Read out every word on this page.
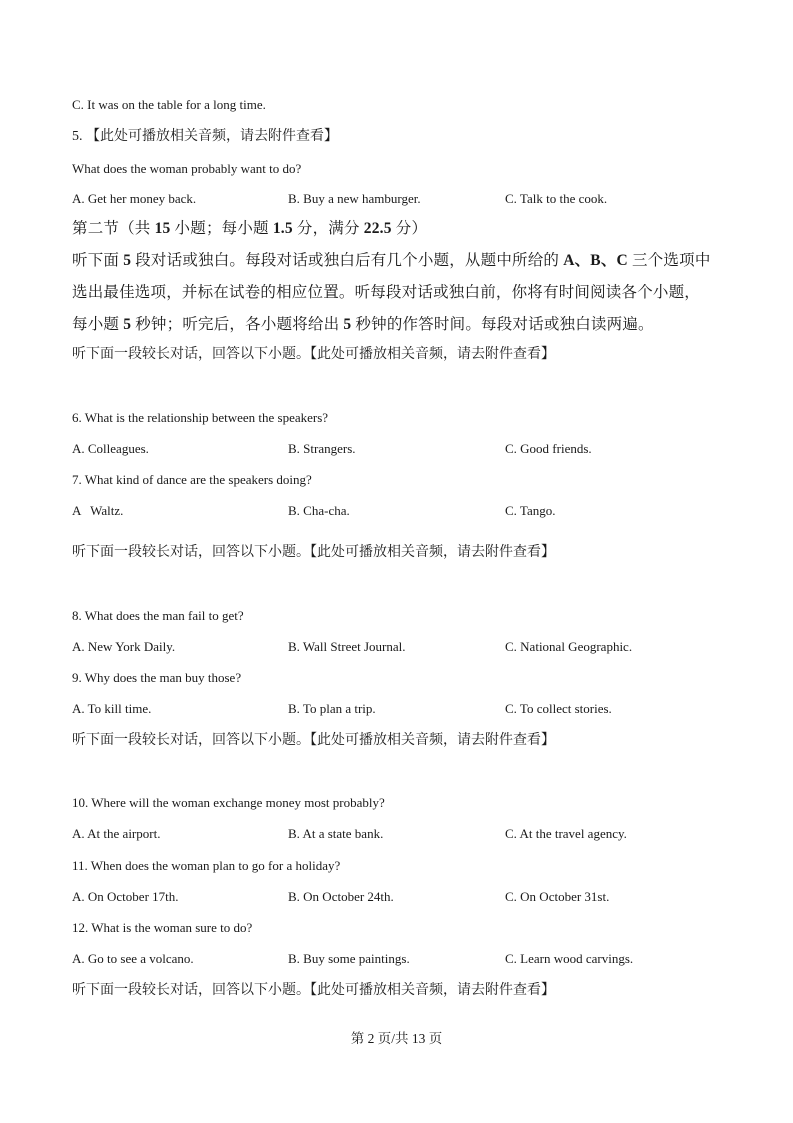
C. It was on the table for a long time.
5. 【此处可播放相关音频，请去附件查看】
What does the woman probably want to do?
A. Get her money back.	B. Buy a new hamburger.	C. Talk to the cook.
第二节（共 15 小题；每小题 1.5 分，满分 22.5 分）
听下面 5 段对话或独白。每段对话或独白后有几个小题，从题中所给的 A、B、C 三个选项中
选出最佳选项，并标在试卷的相应位置。听每段对话或独白前，你将有时间阅读各个小题，
每小题 5 秒钟；听完后，各小题将给出 5 秒钟的作答时间。每段对话或独白读两遍。
听下面一段较长对话，回答以下小题。【此处可播放相关音频，请去附件查看】
6. What is the relationship between the speakers?
A. Colleagues.	B. Strangers.	C. Good friends.
7. What kind of dance are the speakers doing?
A   Waltz.	B. Cha-cha.	C. Tango.
听下面一段较长对话，回答以下小题。【此处可播放相关音频，请去附件查看】
8. What does the man fail to get?
A. New York Daily.	B. Wall Street Journal.	C. National Geographic.
9. Why does the man buy those?
A. To kill time.	B. To plan a trip.	C. To collect stories.
听下面一段较长对话，回答以下小题。【此处可播放相关音频，请去附件查看】
10. Where will the woman exchange money most probably?
A. At the airport.	B. At a state bank.	C. At the travel agency.
11. When does the woman plan to go for a holiday?
A. On October 17th.	B. On October 24th.	C. On October 31st.
12. What is the woman sure to do?
A. Go to see a volcano.	B. Buy some paintings.	C. Learn wood carvings.
听下面一段较长对话，回答以下小题。【此处可播放相关音频，请去附件查看】
第 2 页/共 13 页
